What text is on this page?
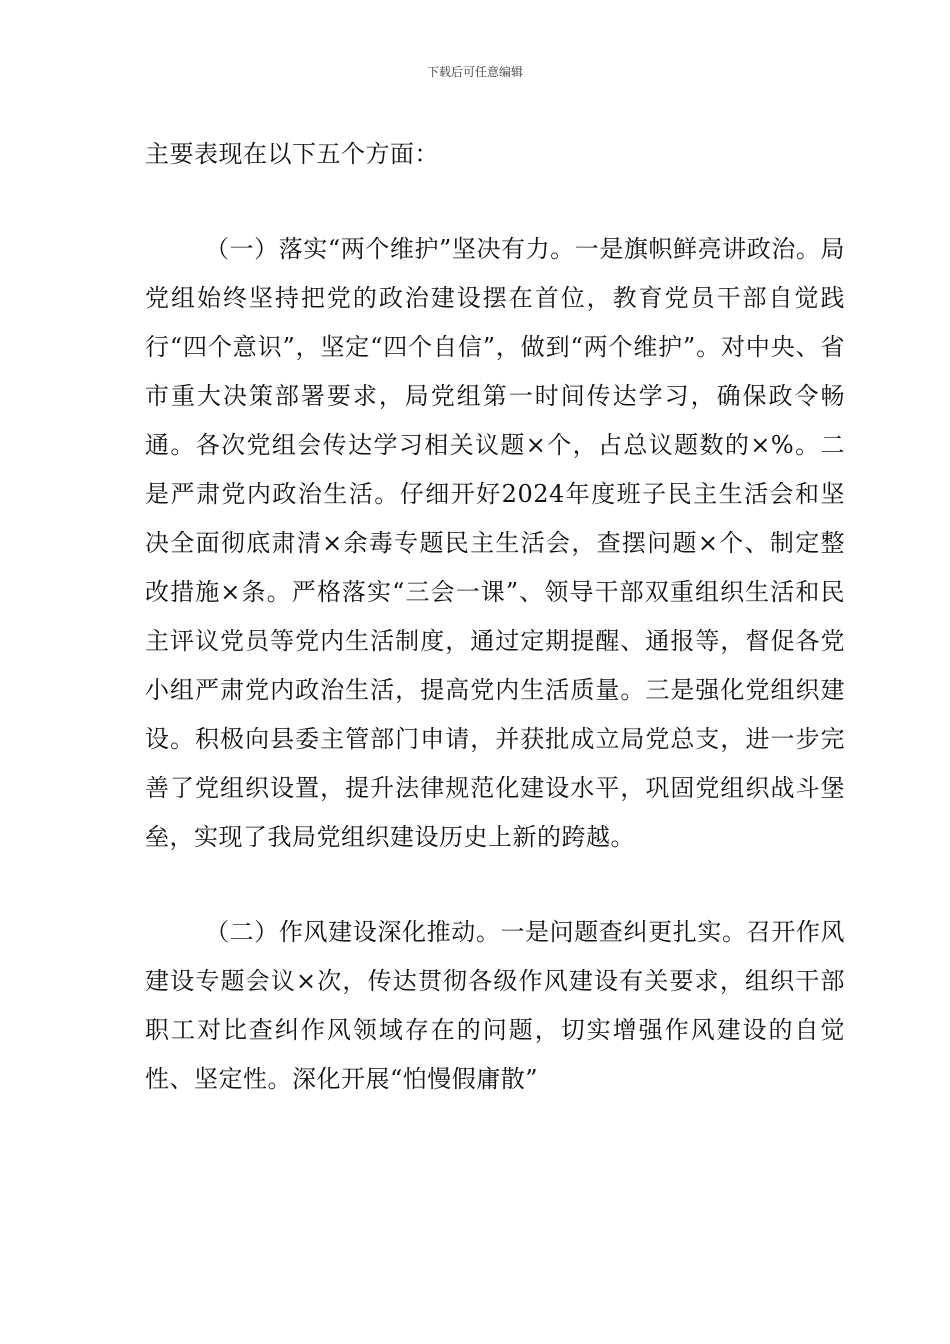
下载后可任意编辑

主要表现在以下五个方面：

（一）落实“两个维护”坚决有力。一是旗帜鲜亮讲政治。局党组始终坚持把党的政治建设摆在首位，教育党员干部自觉践行“四个意识”，坚定“四个自信”，做到“两个维护”。对中央、省市重大决策部署要求，局党组第一时间传达学习，确保政令畅通。各次党组会传达学习相关议题×个，占总议题数的×%。二是严肃党内政治生活。仔细开好2024年度班子民主生活会和坚决全面彻底肃清×余毒专题民主生活会，查摆问题×个、制定整改措施×条。严格落实“三会一课”、领导干部双重组织生活和民主评议党员等党内生活制度，通过定期提醒、通报等，督促各党小组严肃党内政治生活，提高党内生活质量。三是强化党组织建设。积极向县委主管部门申请，并获批成立局党总支，进一步完善了党组织设置，提升法律规范化建设水平，巩固党组织战斗堡垒，实现了我局党组织建设历史上新的跨越。

（二）作风建设深化推动。一是问题查纠更扎实。召开作风建设专题会议×次，传达贯彻各级作风建设有关要求，组织干部职工对比查纠作风领域存在的问题，切实增强作风建设的自觉性、坚定性。深化开展“怕慢假庸散”
